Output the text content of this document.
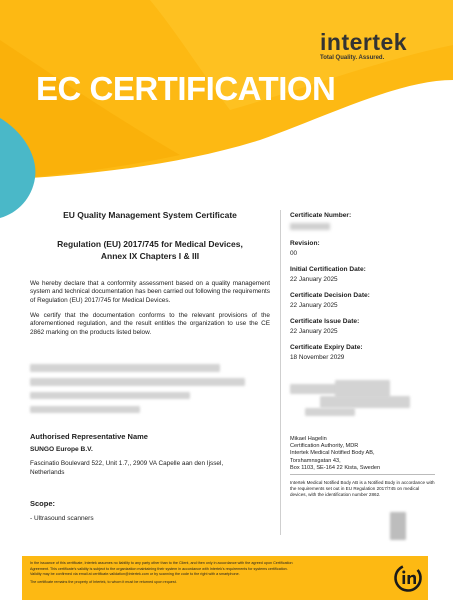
intertek
Total Quality. Assured.
EC CERTIFICATION
EU Quality Management System Certificate
Regulation (EU) 2017/745 for Medical Devices,
Annex IX Chapters I & III
We hereby declare that a conformity assessment based on a quality management system and technical documentation has been carried out following the requirements of Regulation (EU) 2017/745 for Medical Devices.
We certify that the documentation conforms to the relevant provisions of the aforementioned regulation, and the result entitles the organization to use the CE 2862 marking on the products listed below.
Authorised Representative Name
SUNGO Europe B.V.
Fascinatio Boulevard 522, Unit 1.7,, 2909 VA Capelle aan den Ijssel,
Netherlands
Scope:
- Ultrasound scanners
Certificate Number:
Revision:
00
Initial Certification Date:
22 January 2025
Certificate Decision Date:
22 January 2025
Certificate Issue Date:
22 January 2025
Certificate Expiry Date:
18 November 2029
Mikael Hagelin
Certification Authority, MDR
Intertek Medical Notified Body AB,
Torshamnsgatan 43,
Box 1103, SE-164 22 Kista, Sweden
Intertek Medical Notified Body AB is a Notified Body in accordance with the requirements set out in EU Regulation 2017/745 on medical devices, with the identification number 2862.
In the issuance of this certificate, Intertek assumes no liability to any party other than to the Client, and then only in accordance with the agreed upon Certification
Agreement. This certificate's validity is subject to the organization maintaining their system in accordance with Intertek's requirements for systems certification.
Validity may be confirmed via email at certificate.validation@intertek.com or by scanning the code to the right with a smartphone.
The certificate remains the property of Intertek, to whom it must be returned upon request.
